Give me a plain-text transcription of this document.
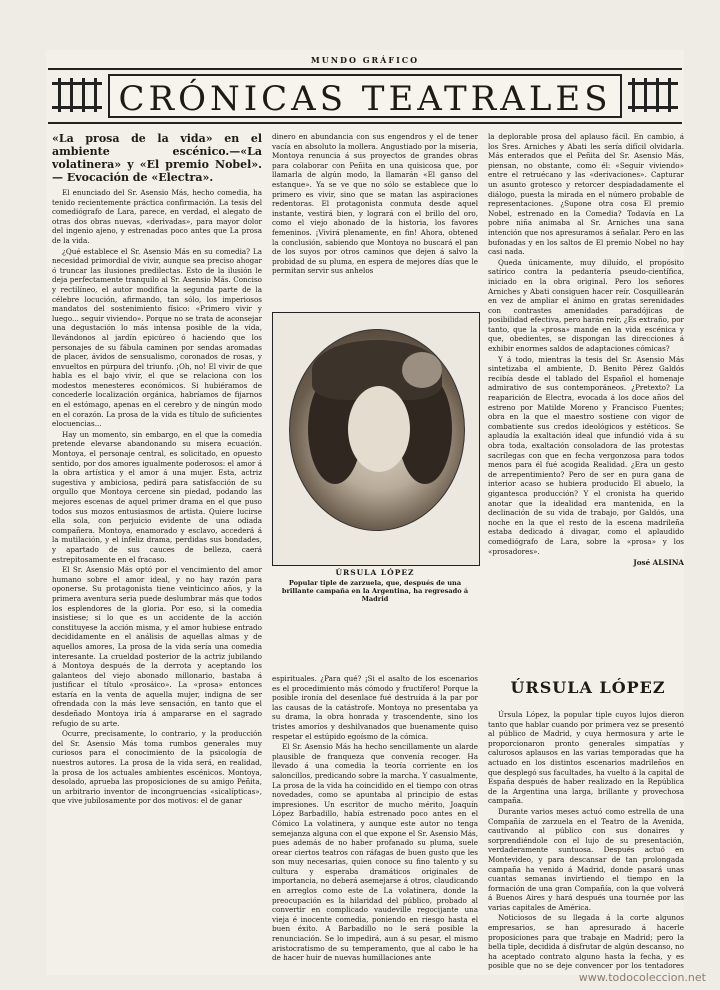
MUNDO GRÁFICO
CRÓNICAS TEATRALES

«La prosa de la vida» en el ambiente escénico.—«La volatinera» y «El premio Nobel».— Evocación de «Electra».

El enunciado del Sr. Asensio Más, hecho comedia, ha tenido recientemente práctica confirmación. La tesis del comediógrafo de Lara, parece, en verdad, el alegato de otras dos obras nuevas, «derivadas», para mayor dolor del ingenio ajeno, y estrenadas poco antes que La prosa de la vida.

¿Qué establece el Sr. Asensio Más en su comedia? La necesidad primordial de vivir, aunque sea preciso ahogar ó truncar las ilusiones predilectas. Esto de la ilusión le deja perfectamente tranquilo al Sr. Asensio Más. Conciso y rectilíneo, el autor modifica la segunda parte de la célebre locución, afirmando, tan sólo, los imperiosos mandatos del sostenimiento físico: «Primero vivir y luego... seguir viviendo». Porque no se trata de aconsejar una degustación lo más intensa posible de la vida, llevándonos al jardín epicúreo ó haciendo que los personajes de su fábula caminen por sendas aromadas de placer, ávidos de sensualismo, coronados de rosas, y envueltos en púrpura del triunfo. ¡Oh, no! El vivir de que habla es el bajo vivir, el que se relaciona con los modestos menesteres económicos. Si hubiéramos de concederle localización orgánica, habríamos de fijarnos en el estómago, apenas en el cerebro y de ningún modo en el corazón. La prosa de la vida es título de suficientes elocuencias...

Hay un momento, sin embargo, en el que la comedia pretende elevarse abandonando su misera ecuación. Montoya, el personaje central, es solicitado, en opuesto sentido, por dos amores igualmente poderosos: el amor á la obra artística y el amor á una mujer. Esta, actriz sugestiva y ambiciosa, pedirá para satisfacción de su orgullo que Montoya cercene sin piedad, podando las mejores escenas de aquel primer drama en el que puso todos sus mozos entusiasmos de artista. Quiere lucirse ella sola, con perjuicio evidente de una odiada compañera. Montoya, enamorado y esclavo, accederá á la mutilación, y el infeliz drama, perdidas sus bondades, y apartado de sus cauces de belleza, caerá estrepitosamente en el fracaso.

El Sr. Asensio Más optó por el vencimiento del amor humano sobre el amor ideal, y no hay razón para oponerse. Su protagonista tiene veinticinco años, y la primera aventura seria puede deslumbrar más que todos los esplendores de la gloria. Por eso, si la comedia insistiese; si lo que es un accidente de la acción constituyese la acción misma, y el amor hubiese entrado decididamente en el análisis de aquellas almas y de aquellos amores, La prosa de la vida sería una comedia interesante. La crueldad posterior de la actriz jubilando á Montoya después de la derrota y aceptando los galanteos del viejo abonado millonario, bastaba á justificar el título «prosáico». La «prosa» entonces estaría en la venta de aquella mujer, indigna de ser ofrendada con la más leve sensación, en tanto que el desdeñado Montoya iría á ampararse en el sagrado refugio de su arte.

Ocurre, precisamente, lo contrario, y la producción del Sr. Asensio Más toma rumbos generales muy curiosos para el conocimiento de la psicología de nuestros autores. La prosa de la vida será, en realidad, la prosa de los actuales ambientes escénicos. Montoya, desolado, aprueba las proposiciones de su amigo Peñita, un arbitrario inventor de incongruencias «sicalípticas», que vive jubilosamente por dos motivos: el de ganar

dinero en abundancia con sus engendros y el de tener vacía en absoluto la mollera. Angustiado por la miseria, Montoya renuncia á sus proyectos de grandes obras para colaborar con Peñita en una quisicosa que, por llamarla de algún modo, la llamarán «El ganso del estanque». Ya se ve que no sólo se establece que lo primero es vivir, sino que se matan las aspiraciones redentoras. El protagonista conmuta desde aquel instante, vestirá bien, y logrará con el brillo del oro, como el viejo abonado de la historia, los favores femeninos. ¡Vivirá plenamente, en fin! Ahora, obtened la conclusión, sabiendo que Montoya no buscará el pan de los suyos por otros caminos que dejen á salvo la probidad de su pluma, en espera de mejores días que le permitan servir sus anhelos

ÚRSULA LÓPEZ
Popular tiple de zarzuela, que, después de una brillante campaña en la Argentina, ha regresado á Madrid

espirituales. ¿Para qué? ¡Si el asalto de los escenarios es el procedimiento más cómodo y fructífero! Porque la posible ironía del desenlace fué destruída á la par por las causas de la catástrofe. Montoya no presentaba ya su drama, la obra honrada y trascendente, sino los tristes amoríos y deshilvanados que buenamente quiso respetar el estúpido egoísmo de la cómica.

El Sr. Asensio Más ha hecho sencillamente un alarde plausible de franqueza que convenía recoger. Ha llevado á una comedia la teoría corriente en los saloncillos, predicando sobre la marcha. Y casualmente, La prosa de la vida ha coincidido en el tiempo con otras novedades, como se apuntaba al principio de estas impresiones. Un escritor de mucho mérito, Joaquín López Barbadillo, había estrenado poco antes en el Cómico La volatinera, y aunque este autor no tenga semejanza alguna con el que expone el Sr. Asensio Más, pues además de no haber profanado su pluma, suele orear ciertos teatros con ráfagas de buen gusto que les son muy necesarias, quien conoce su fino talento y su cultura y esperaba dramáticos originales de importancia, no deberá asemejarse á otros, claudicando en arreglos como este de La volatinera, donde la preocupación es la hilaridad del público, probado al convertir en complicado vaudeville regocijante una vieja é inocente comedia, poniendo en riesgo hasta el buen éxito. A Barbadillo no le será posible la renunciación. Se lo impedirá, aun á su pesar, el mismo aristocratismo de su temperamento, que al cabo le ha de hacer huir de nuevas humillaciones ante

la deplorable prosa del aplauso fácil. En cambio, á los Sres. Arniches y Abati les sería difícil olvidarla. Más enterados que el Peñita del Sr. Asensio Más, piensan, no obstante, como él: «Seguir viviendo» entre el retruécano y las «derivaciones». Capturar un asunto grotesco y retorcer despiadadamente el diálogo, puesta la mirada en el número probable de representaciones. ¿Supone otra cosa El premio Nobel, estrenado en la Comedia? Todavía en La pobre niña animaba al Sr. Arniches una sana intención que nos apresuramos á señalar. Pero en las bufonadas y en los saltos de El premio Nobel no hay casi nada.

Queda únicamente, muy diluído, el propósito satírico contra la pedantería pseudo-científica, iniciado en la obra original. Pero los señores Arniches y Abati consiguen hacer reír. Cosquillearán en vez de ampliar el ánimo en gratas serenidades con contrastes amenidades paradójicas de posibilidad efectiva, pero harán reír, ¿Es extraño, por tanto, que la «prosa» mande en la vida escénica y que, obedientes, se dispongan las direcciones á exhibir enormes saldos de adaptaciones cómicas?

Y á todo, mientras la tesis del Sr. Asensio Más sintetizaba el ambiente, D. Benito Pérez Galdós recibía desde el tablado del Español el homenaje admirativo de sus contemporáneos. ¿Pretexto? La reaparición de Electra, evocada á los doce años del estreno por Matilde Moreno y Francisco Fuentes; obra en la que el maestro sostiene con vigor de combatiente sus credos ideológicos y estéticos. Se aplaudía la exaltación ideal que infundió vida á su obra toda, exaltación consoladora de las protestas sacrílegas con que en fecha vergonzosa para todos menos para él fué acogida Realidad. ¿Era un gesto de arrepentimiento? Pero de ser en pura gana de interior acaso se hubiera producido El abuelo, la gigantesca producción? Y el cronista ha querido anotar que la idealidad era mantenida, en la declinación de su vida de trabajo, por Galdós, una noche en la que el resto de la escena madrileña estaba dedicado á divagar, como el aplaudido comediógrafo de Lara, sobre la «prosa» y los «prosadores».

José ALSINA
ÚRSULA LÓPEZ

Úrsula López, la popular tiple cuyos lujos dieron tanto que hablar cuando por primera vez se presentó al público de Madrid, y cuya hermosura y arte le proporcionaron pronto generales simpatías y calurosos aplausos en las varias temporadas que ha actuado en los distintos escenarios madrileños en que desplegó sus facultades, ha vuelto á la capital de España después de haber realizado en la República de la Argentina una larga, brillante y provechosa campaña.

Durante varios meses actuó como estrella de una Compañía de zarzuela en el Teatro de la Avenida, cautivando al público con sus donaires y sorprendiéndole con el lujo de su presentación, verdaderamente suntuosa. Después actuó en Montevideo, y para descansar de tan prolongada campaña ha venido á Madrid, donde pasará unas cuantas semanas invirtiendo el tiempo en la formación de una gran Compañía, con la que volverá á Buenos Aires y hará después una tournée por las varias capitales de América.

Noticiosos de su llegada á la corte algunos empresarios, se han apresurado á hacerle proposiciones para que trabaje en Madrid; pero la bella tiple, decidida á disfrutar de algún descanso, no ha aceptado contrato alguno hasta la fecha, y es posible que no se deje convencer por los tentadores

www.todocoleccion.net
